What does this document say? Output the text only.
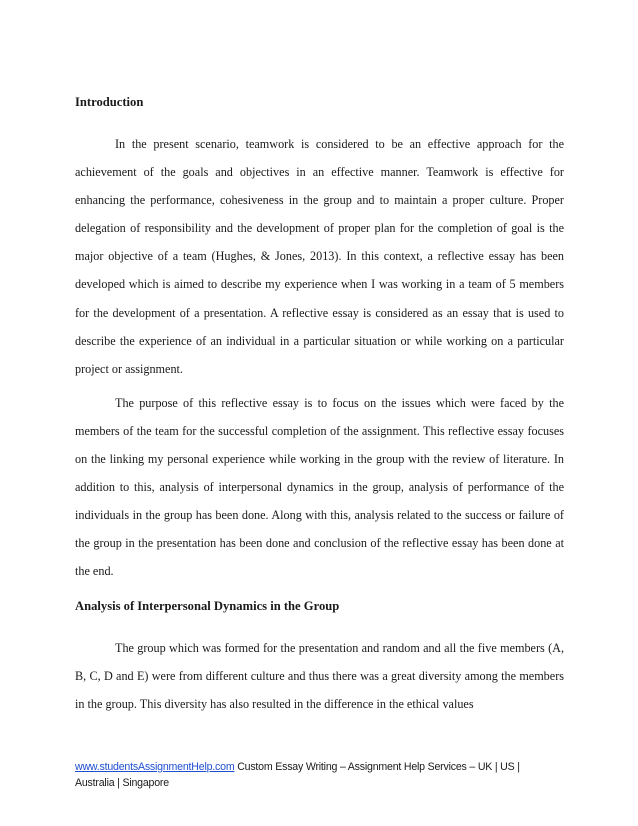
Introduction

In the present scenario, teamwork is considered to be an effective approach for the achievement of the goals and objectives in an effective manner. Teamwork is effective for enhancing the performance, cohesiveness in the group and to maintain a proper culture. Proper delegation of responsibility and the development of proper plan for the completion of goal is the major objective of a team (Hughes, & Jones, 2013). In this context, a reflective essay has been developed which is aimed to describe my experience when I was working in a team of 5 members for the development of a presentation. A reflective essay is considered as an essay that is used to describe the experience of an individual in a particular situation or while working on a particular project or assignment.

The purpose of this reflective essay is to focus on the issues which were faced by the members of the team for the successful completion of the assignment. This reflective essay focuses on the linking my personal experience while working in the group with the review of literature. In addition to this, analysis of interpersonal dynamics in the group, analysis of performance of the individuals in the group has been done. Along with this, analysis related to the success or failure of the group in the presentation has been done and conclusion of the reflective essay has been done at the end.

Analysis of Interpersonal Dynamics in the Group

The group which was formed for the presentation and random and all the five members (A, B, C, D and E) were from different culture and thus there was a great diversity among the members in the group. This diversity has also resulted in the difference in the ethical values

www.studentsAssignmentHelp.com Custom Essay Writing – Assignment Help Services – UK | US | Australia | Singapore
